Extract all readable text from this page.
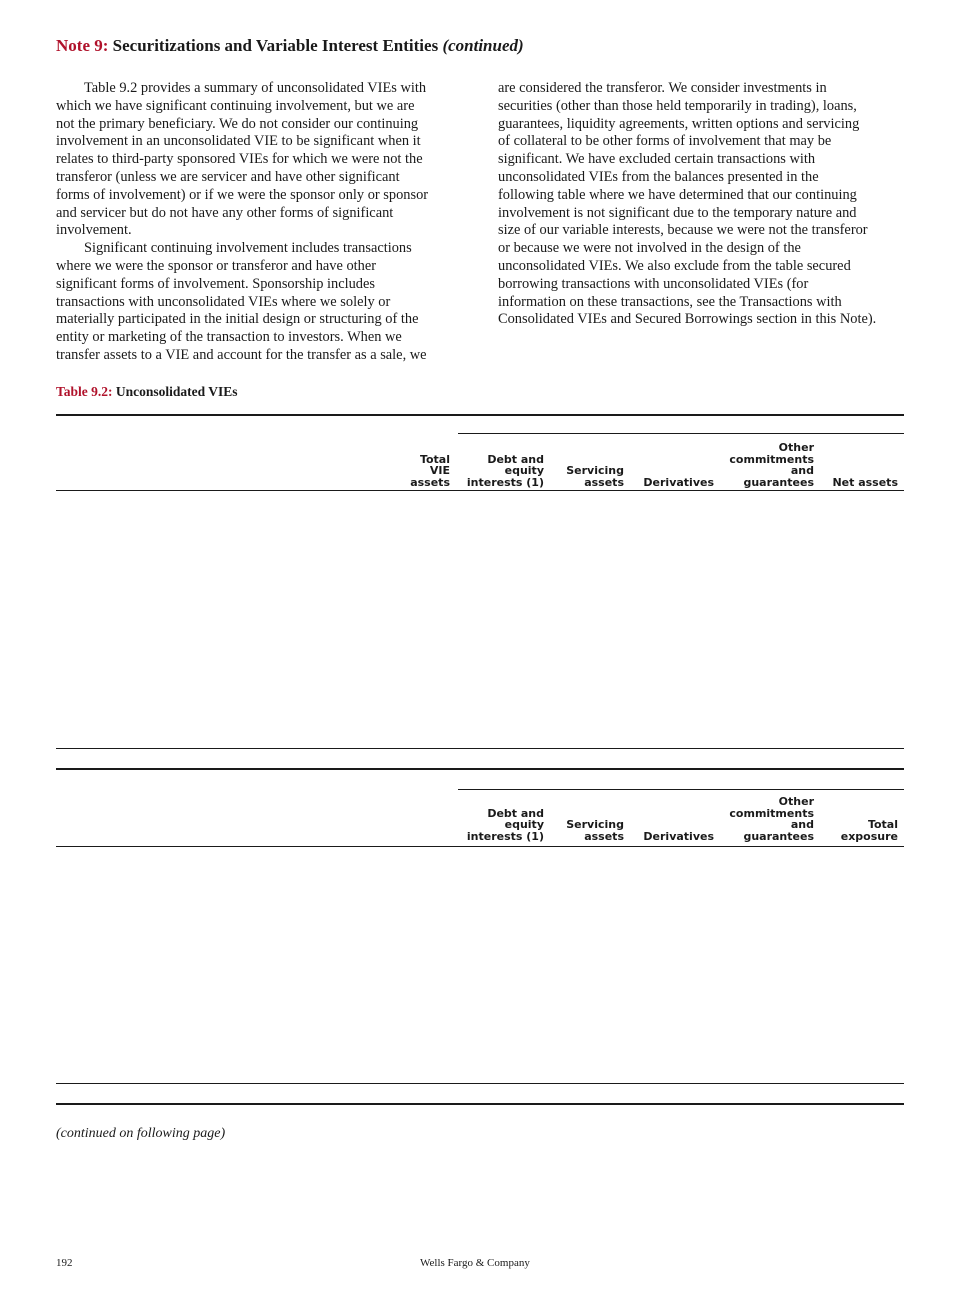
Note 9: Securitizations and Variable Interest Entities (continued)
Table 9.2 provides a summary of unconsolidated VIEs with
which we have significant continuing involvement, but we are
not the primary beneficiary. We do not consider our continuing
involvement in an unconsolidated VIE to be significant when it
relates to third-party sponsored VIEs for which we were not the
transferor (unless we are servicer and have other significant
forms of involvement) or if we were the sponsor only or sponsor
and servicer but do not have any other forms of significant
involvement.
Significant continuing involvement includes transactions
where we were the sponsor or transferor and have other
significant forms of involvement. Sponsorship includes
transactions with unconsolidated VIEs where we solely or
materially participated in the initial design or structuring of the
entity or marketing of the transaction to investors. When we
transfer assets to a VIE and account for the transfer as a sale, we
are considered the transferor. We consider investments in
securities (other than those held temporarily in trading), loans,
guarantees, liquidity agreements, written options and servicing
of collateral to be other forms of involvement that may be
significant. We have excluded certain transactions with
unconsolidated VIEs from the balances presented in the
following table where we have determined that our continuing
involvement is not significant due to the temporary nature and
size of our variable interests, because we were not the transferor
or because we were not involved in the design of the
unconsolidated VIEs. We also exclude from the table secured
borrowing transactions with unconsolidated VIEs (for
information on these transactions, see the Transactions with
Consolidated VIEs and Secured Borrowings section in this Note).
Table 9.2: Unconsolidated VIEs
Total
VIE
assets
Debt and
equity
interests (1)
Servicing
assets Derivatives
Other
commitments
and
guarantees Net assets
Debt and
equity
interests (1)
Servicing
assets Derivatives
Other
commitments
and
guarantees
Total
exposure
(continued on following page)
192	Wells Fargo & Company
